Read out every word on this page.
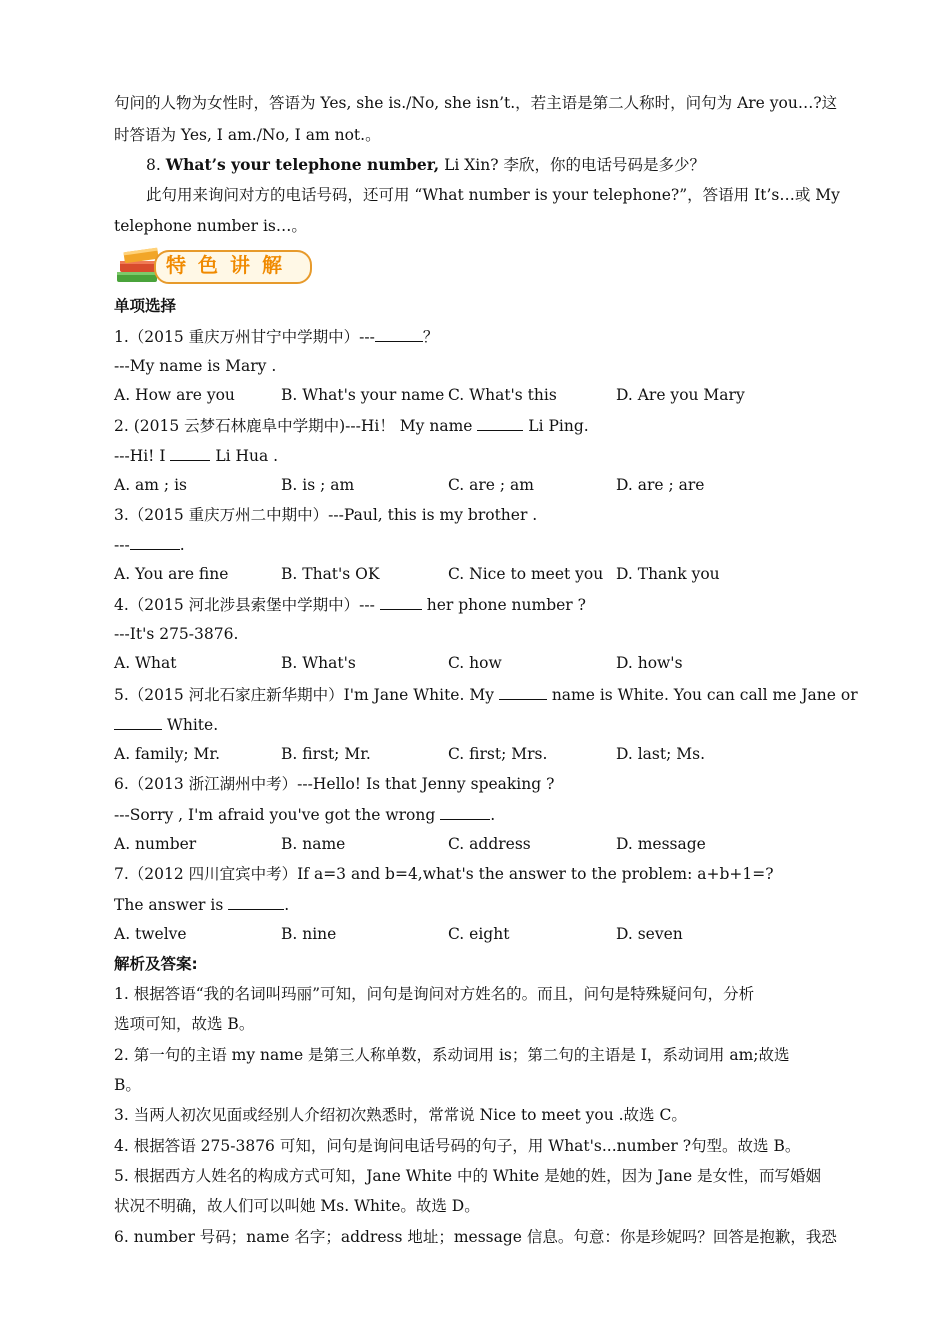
句问的人物为女性时，答语为 Yes, she is./No, she isn’t.，若主语是第二人称时，问句为 Are you…?这
时答语为 Yes, I am./No, I am not.。
8. What’s your telephone number, Li Xin? 李欣，你的电话号码是多少？
此句用来询问对方的电话号码，还可用 “What number is your telephone?”，答语用 It’s…或 My
telephone number is…。
特色讲解
单项选择
1.（2015 重庆万州甘宁中学期中）---	？
---My name is Mary .
A. How are you	B. What's your name C. What's this	D. Are you Mary
2. (2015 云梦石林鹿阜中学期中)---Hi！ My name	Li Ping.
---Hi! I	Li Hua .
A. am ; is	B. is ; am	C. are ; am	D. are ; are
3.（2015 重庆万州二中期中）---Paul, this is my brother .
---	.
A. You are fine	B. That's OK	C. Nice to meet you D. Thank you
4.（2015 河北涉县索堡中学期中）---	her phone number ?
---It's 275-3876.
A. What	B. What's	C. how	D. how's
5.（2015 河北石家庄新华期中）I'm Jane White. My	name is White. You can call me Jane or
White.
A. family; Mr.	B. first; Mr.	C. first; Mrs.	D. last; Ms.
6.（2013 浙江湖州中考）---Hello! Is that Jenny speaking ?
---Sorry , I'm afraid you've got the wrong	.
A. number	B. name	C. address	D. message
7.（2012 四川宜宾中考）If a=3 and b=4,what's the answer to the problem: a+b+1=?
The answer is	.
A. twelve	B. nine	C. eight	D. seven
解析及答案:
1. 根据答语“我的名词叫玛丽”可知，问句是询问对方姓名的。而且，问句是特殊疑问句，分析
选项可知，故选 B。
2. 第一句的主语 my name 是第三人称单数，系动词用 is；第二句的主语是 I，系动词用 am;故选
B。
3. 当两人初次见面或经别人介绍初次熟悉时，常常说 Nice to meet you .故选 C。
4. 根据答语 275-3876 可知，问句是询问电话号码的句子，用 What's...number ?句型。故选 B。
5. 根据西方人姓名的构成方式可知，Jane White 中的 White 是她的姓，因为 Jane 是女性，而写婚姻
状况不明确，故人们可以叫她 Ms. White。故选 D。
6. number 号码；name 名字；address 地址；message 信息。句意：你是珍妮吗？回答是抱歉，我恐
